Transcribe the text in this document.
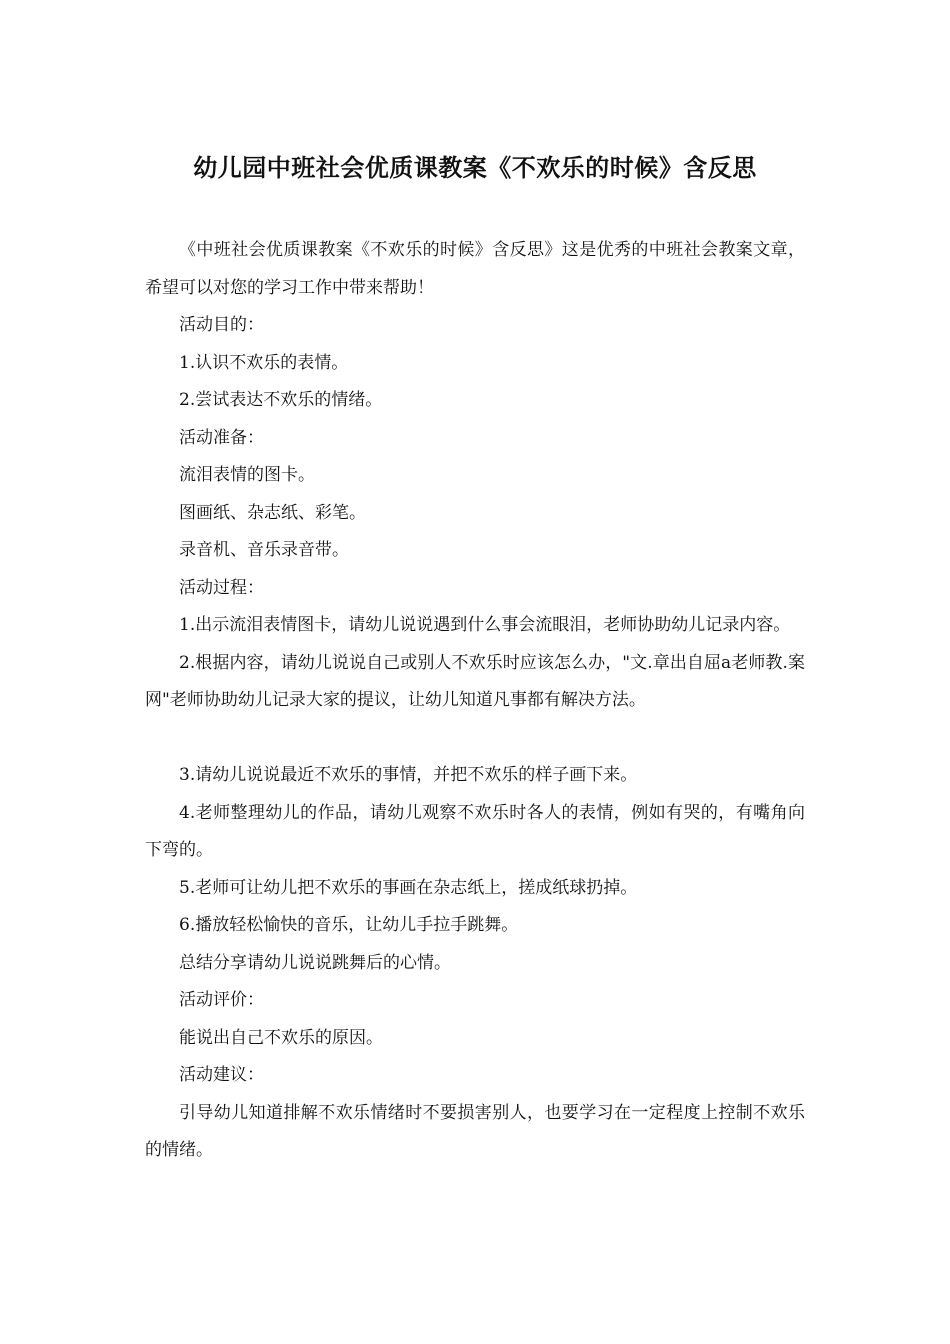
幼儿园中班社会优质课教案《不欢乐的时候》含反思

《中班社会优质课教案《不欢乐的时候》含反思》这是优秀的中班社会教案文章，希望可以对您的学习工作中带来帮助！

活动目的：

1.认识不欢乐的表情。

2.尝试表达不欢乐的情绪。

活动准备：

流泪表情的图卡。

图画纸、杂志纸、彩笔。

录音机、音乐录音带。

活动过程：

1.出示流泪表情图卡，请幼儿说说遇到什么事会流眼泪，老师协助幼儿记录内容。

2.根据内容，请幼儿说说自己或别人不欢乐时应该怎么办，"文.章出自屈a老师教.案网"老师协助幼儿记录大家的提议，让幼儿知道凡事都有解决方法。

3.请幼儿说说最近不欢乐的事情，并把不欢乐的样子画下来。

4.老师整理幼儿的作品，请幼儿观察不欢乐时各人的表情，例如有哭的，有嘴角向下弯的。

5.老师可让幼儿把不欢乐的事画在杂志纸上，搓成纸球扔掉。

6.播放轻松愉快的音乐，让幼儿手拉手跳舞。

总结分享请幼儿说说跳舞后的心情。

活动评价：

能说出自己不欢乐的原因。

活动建议：

引导幼儿知道排解不欢乐情绪时不要损害别人，也要学习在一定程度上控制不欢乐的情绪。
